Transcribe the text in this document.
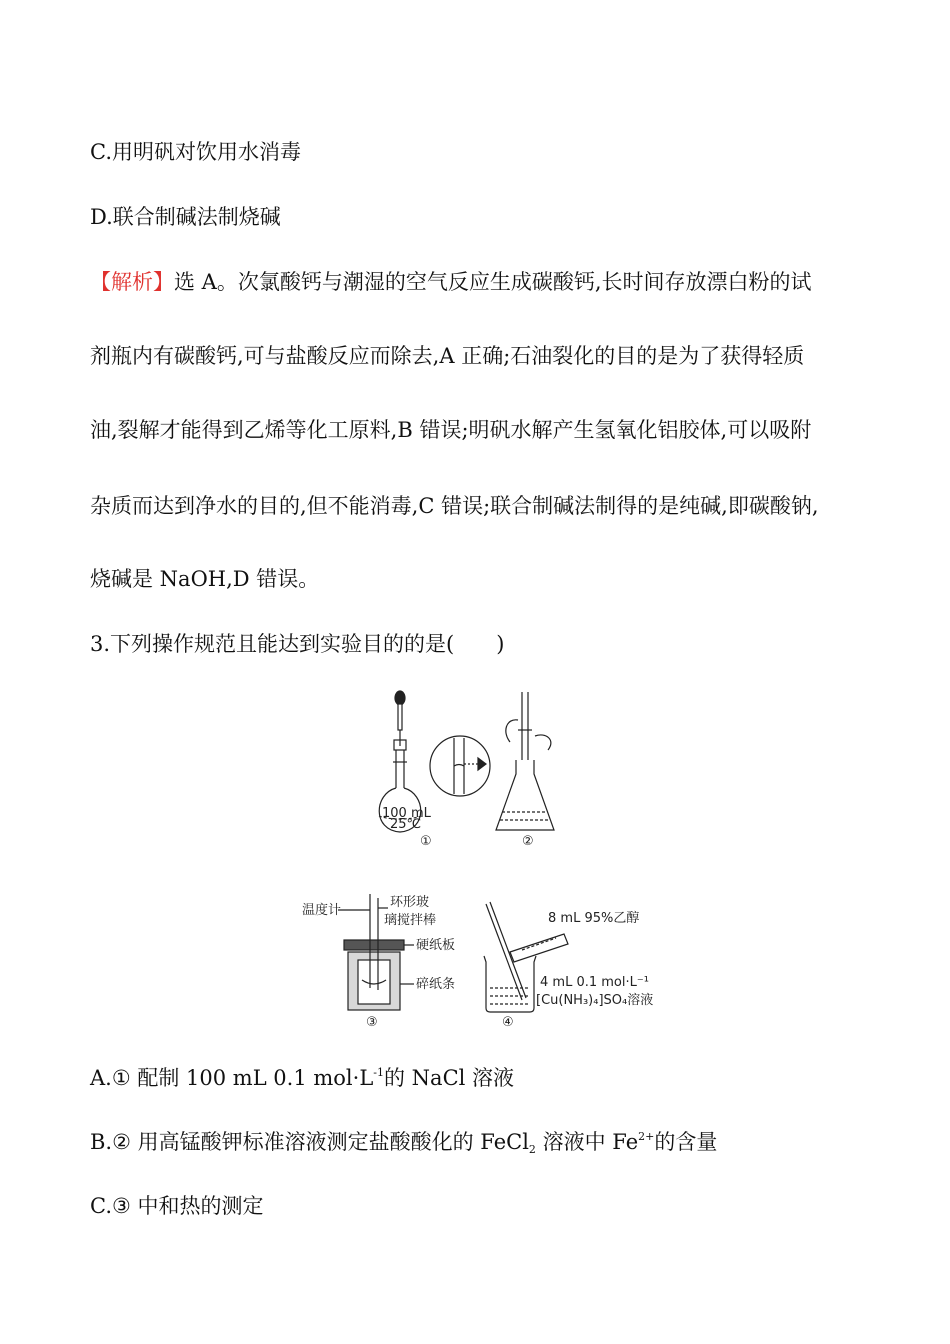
C.用明矾对饮用水消毒
D.联合制碱法制烧碱
【解析】选 A。次氯酸钙与潮湿的空气反应生成碳酸钙,长时间存放漂白粉的试
剂瓶内有碳酸钙,可与盐酸反应而除去,A 正确;石油裂化的目的是为了获得轻质
油,裂解才能得到乙烯等化工原料,B 错误;明矾水解产生氢氧化铝胶体,可以吸附
杂质而达到净水的目的,但不能消毒,C 错误;联合制碱法制得的是纯碱,即碳酸钠,
烧碱是 NaOH,D 错误。
3.下列操作规范且能达到实验目的的是(　　)
100 mL
25℃
①	②
温度计
环形玻
璃搅拌棒
硬纸板
碎纸条
③
8 mL 95%乙醇
4 mL 0.1 mol·L⁻¹
[Cu(NH₃)₄]SO₄溶液
④
A.① 配制 100 mL 0.1 $mol\cdot L^{-1}$的 NaCl 溶液
B.② 用高锰酸钾标准溶液测定盐酸酸化的 FeCl$_2$ 溶液中 $Fe^{2+}$的含量
C.③ 中和热的测定
